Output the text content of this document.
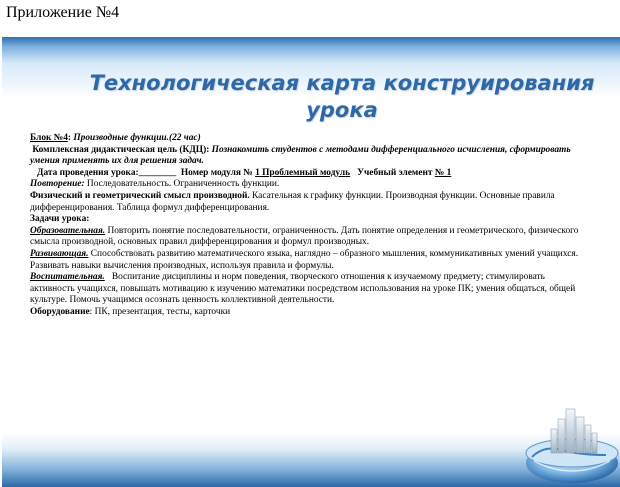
Приложение №4
Технологическая карта конструирования
урока

Блок №4: Производные функции.(22 час)

Комплексная дидактическая цель (КДЦ): Познакомить студентов с методами дифференциального исчисления, сформировать умения применять их для решения задач.

Дата проведения урока:________ Номер модуля № 1 Проблемный модуль Учебный элемент № 1

Повторение: Последовательность. Ограниченность функции.

Физический и геометрический смысл производной. Касательная к графику функции. Производная функции. Основные правила дифференцирования. Таблица формул дифференцирования.

Задачи урока:

Образовательная. Повторить понятие последовательности, ограниченность. Дать понятие определения и геометрического, физического смысла производной, основных правил дифференцирования и формул производных.

Развивающая. Способствовать развитию математического языка, наглядно – образного мышления, коммуникативных умений учащихся. Развивать навыки вычисления производных, используя правила и формулы.

Воспитательная. Воспитание дисциплины и норм поведения, творческого отношения к изучаемому предмету; стимулировать активность учащихся, повышать мотивацию к изучению математики посредством использования на уроке ПК; умения общаться, общей культуре. Помочь учащимся осознать ценность коллективной деятельности.

Оборудование: ПК, презентация, тесты, карточки
